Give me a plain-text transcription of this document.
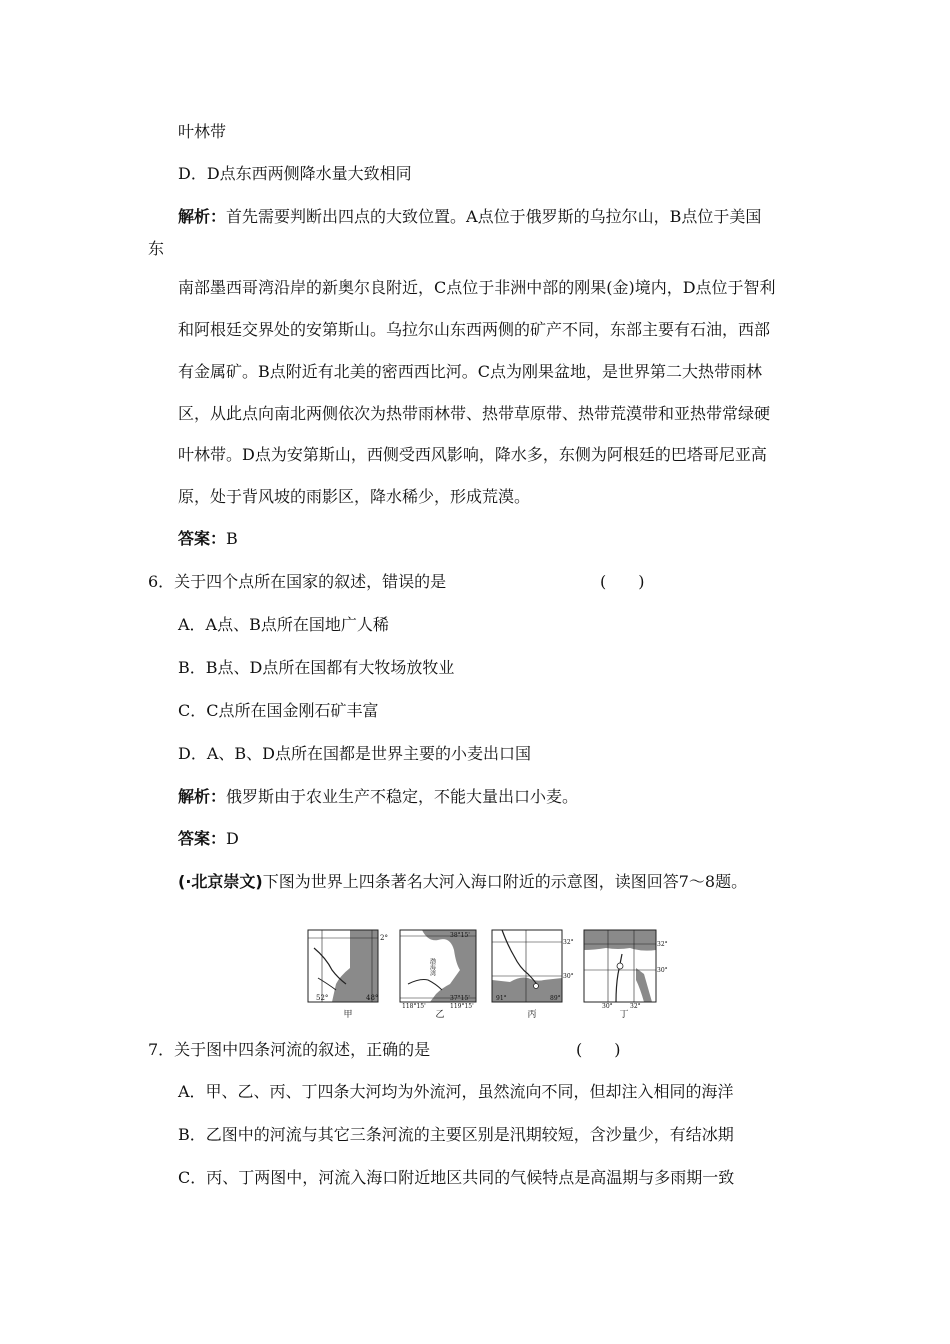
叶林带
D．D点东西两侧降水量大致相同
解析：首先需要判断出四点的大致位置。A点位于俄罗斯的乌拉尔山，B点位于美国
东
南部墨西哥湾沿岸的新奥尔良附近，C点位于非洲中部的刚果(金)境内，D点位于智利
和阿根廷交界处的安第斯山。乌拉尔山东西两侧的矿产不同，东部主要有石油，西部
有金属矿。B点附近有北美的密西西比河。C点为刚果盆地，是世界第二大热带雨林
区，从此点向南北两侧依次为热带雨林带、热带草原带、热带荒漠带和亚热带常绿硬
叶林带。D点为安第斯山，西侧受西风影响，降水多，东侧为阿根廷的巴塔哥尼亚高
原，处于背风坡的雨影区，降水稀少，形成荒漠。
答案：B
6．关于四个点所在国家的叙述，错误的是	(　　)
A．A点、B点所在国地广人稀
B．B点、D点所在国都有大牧场放牧业
C．C点所在国金刚石矿丰富
D．A、B、D点所在国都是世界主要的小麦出口国
解析：俄罗斯由于农业生产不稳定，不能大量出口小麦。
答案：D
(·北京崇文)下图为世界上四条著名大河入海口附近的示意图，读图回答7～8题。
2°
52°	48°
甲
渤海湾
38°15'
37°15'
118°15'	119°15'
乙
32°
30°
91°	89°
丙
32°
30°
30°	32°
丁
7．关于图中四条河流的叙述，正确的是	(　　)
A．甲、乙、丙、丁四条大河均为外流河，虽然流向不同，但却注入相同的海洋
B．乙图中的河流与其它三条河流的主要区别是汛期较短，含沙量少，有结冰期
C．丙、丁两图中，河流入海口附近地区共同的气候特点是高温期与多雨期一致
